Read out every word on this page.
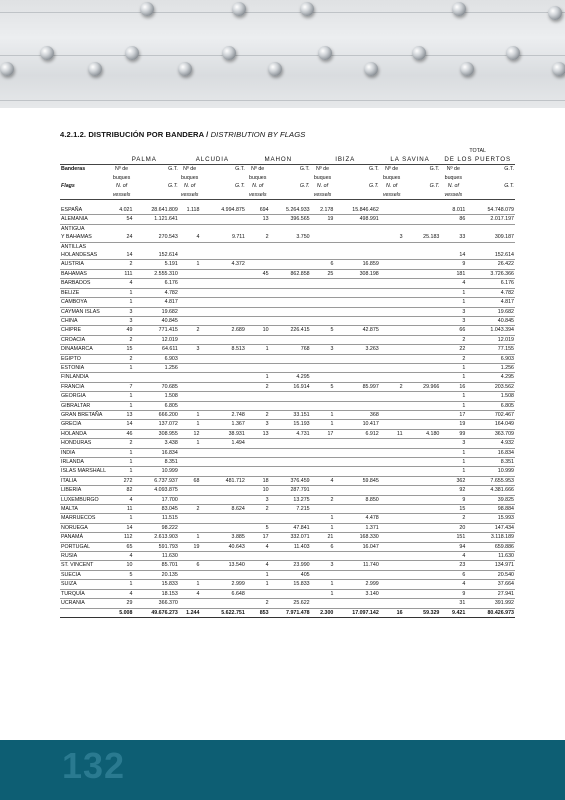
4.2.1.2. DISTRIBUCIÓN POR BANDERA / DISTRIBUTION BY FLAGS
											TOTAL	
	PALMA		ALCUDIA		MAHÓN		IBIZA		LA SAVINA		DE LOS PUERTOS	
Banderas	Nº de	G.T.	Nº de	G.T.	Nº de	G.T.	Nº de	G.T.	Nº de	G.T.	Nº de	G.T.
	buques		buques		buques		buques		buques		buques	
Flags	N. of	G.T.	N. of	G.T.	N. of	G.T.	N. of	G.T.	N. of	G.T.	N. of	G.T.
	vessels		vessels		vessels		vessels		vessels		vessels	

ESPAÑA	4.021	28.641.809	1.118	4.994.875	694	5.264.933	2.178	15.846.462			8.011	54.748.079
ALEMANIA	54	1.121.641			13	396.565	19	498.991			86	2.017.197
ANTIGUA												
Y BAHAMAS	24	270.543	4	9.711	2	3.750			3	25.183	33	309.187
ANTILLAS												
HOLANDESAS	14	152.614									14	152.614
AUSTRIA	2	5.191	1	4.372			6	16.859			9	26.422
BAHAMAS	111	2.555.310			45	862.858	25	308.198			181	3.726.366
BARBADOS	4	6.176									4	6.176
BELIZE	1	4.782									1	4.782
CAMBOYA	1	4.817									1	4.817
CAYMAN ISLAS	3	19.682									3	19.682
CHINA	3	40.845									3	40.845
CHIPRE	49	771.415	2	2.689	10	226.415	5	42.875			66	1.043.394
CROACIA	2	12.019									2	12.019
DINAMARCA	15	64.611	3	8.513	1	768	3	3.263			22	77.155
EGIPTO	2	6.903									2	6.903
ESTONIA	1	1.256									1	1.256
FINLANDIA					1	4.295					1	4.295
FRANCIA	7	70.685			2	16.914	5	85.997	2	29.966	16	203.562
GEORGIA	1	1.508									1	1.508
GIBRALTAR	1	6.805									1	6.805
GRAN BRETAÑA	13	666.200	1	2.748	2	33.151	1	368			17	702.467
GRECIA	14	137.072	1	1.367	3	15.193	1	10.417			19	164.049
HOLANDA	46	308.955	12	38.931	13	4.731	17	6.912	11	4.180	99	363.709
HONDURAS	2	3.438	1	1.494							3	4.932
INDIA	1	16.834									1	16.834
IRLANDA	1	8.351									1	8.351
ISLAS MARSHALL	1	10.999									1	10.999
ITALIA	272	6.737.937	68	481.712	18	376.459	4	59.845			362	7.655.953
LIBERIA	82	4.093.875			10	287.791					92	4.381.666
LUXEMBURGO	4	17.700			3	13.275	2	8.850			9	39.825
MALTA	11	83.045	2	8.624	2	7.215					15	98.884
MARRUECOS	1	11.515					1	4.478			2	15.993
NORUEGA	14	98.222			5	47.841	1	1.371			20	147.434
PANAMÁ	112	2.613.903	1	3.885	17	332.071	21	168.330			151	3.118.189
PORTUGAL	65	591.793	19	40.643	4	11.403	6	16.047			94	659.886
RUSIA	4	11.630									4	11.630
ST. VINCENT	10	85.701	6	13.540	4	23.990	3	11.740			23	134.971
SUECIA	5	20.135			1	405					6	20.540
SUIZA	1	15.833	1	2.999	1	15.833	1	2.999			4	37.664
TURQUÍA	4	18.153	4	6.648			1	3.140			9	27.941
UCRANIA	29	366.370			2	25.622					31	391.992
	5.008	49.676.273	1.244	5.622.751	853	7.971.478	2.300	17.097.142	16	59.329	9.421	80.426.973
132
